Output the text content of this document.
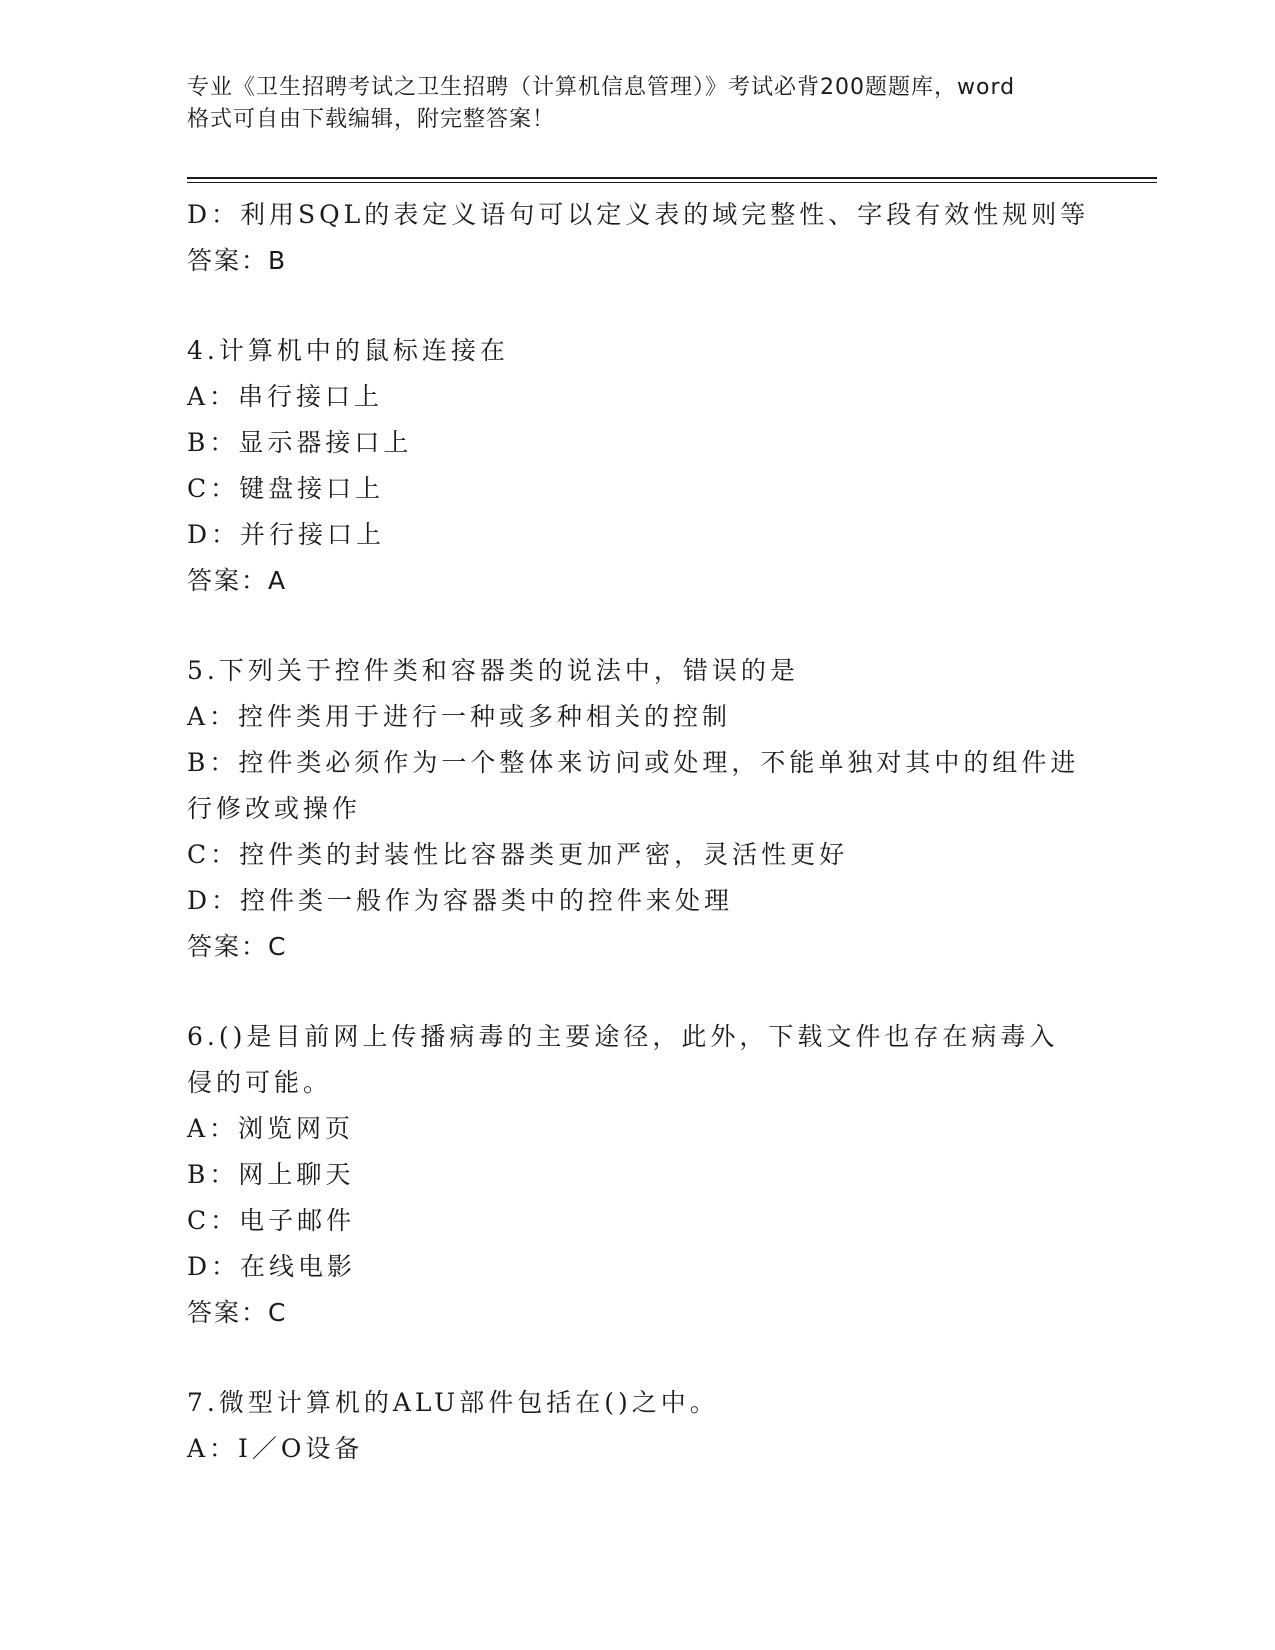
专业《卫生招聘考试之卫生招聘（计算机信息管理）》考试必背200题题库，word
格式可自由下载编辑，附完整答案！
D：利用SQL的表定义语句可以定义表的域完整性、字段有效性规则等
答案：B
4.计算机中的鼠标连接在
A：串行接口上
B：显示器接口上
C：键盘接口上
D：并行接口上
答案：A
5.下列关于控件类和容器类的说法中，错误的是
A：控件类用于进行一种或多种相关的控制
B：控件类必须作为一个整体来访问或处理，不能单独对其中的组件进
行修改或操作
C：控件类的封装性比容器类更加严密，灵活性更好
D：控件类一般作为容器类中的控件来处理
答案：C
6.()是目前网上传播病毒的主要途径，此外，下载文件也存在病毒入
侵的可能。
A：浏览网页
B：网上聊天
C：电子邮件
D：在线电影
答案：C
7.微型计算机的ALU部件包括在()之中。
A：I／O设备
